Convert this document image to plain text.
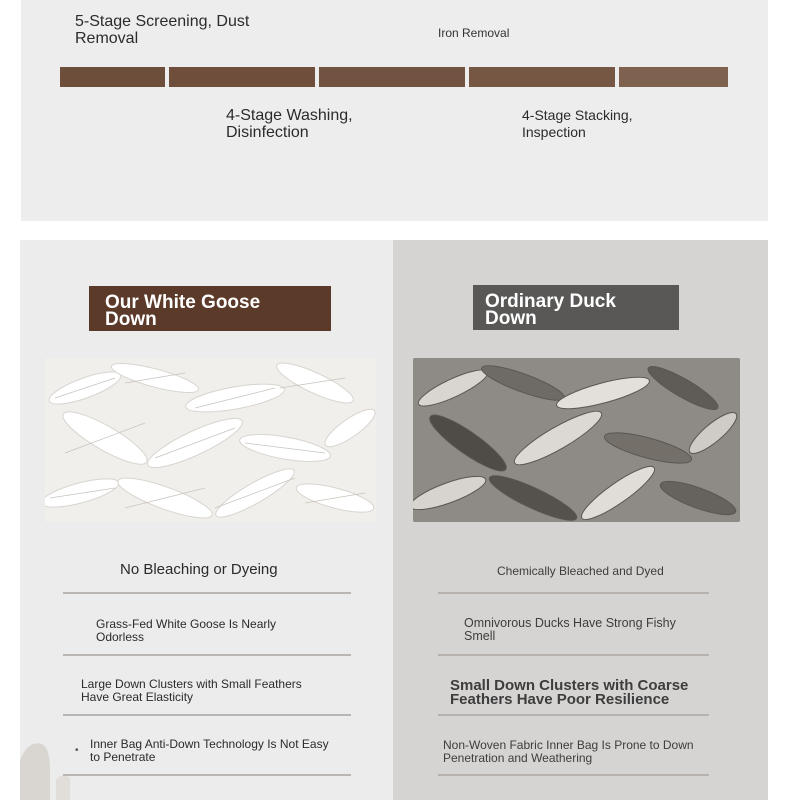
5-Stage Screening, Dust Removal	Iron Removal
4-Stage Washing, Disinfection
4-Stage Stacking, Inspection
Our White Goose Down
No Bleaching or Dyeing
Grass-Fed White Goose Is Nearly Odorless
Large Down Clusters with Small Feathers Have Great Elasticity
• Inner Bag Anti-Down Technology Is Not Easy to Penetrate
Ordinary Duck Down
Chemically Bleached and Dyed
Omnivorous Ducks Have Strong Fishy Smell
Small Down Clusters with Coarse Feathers Have Poor Resilience
Non-Woven Fabric Inner Bag Is Prone to Down Penetration and Weathering
